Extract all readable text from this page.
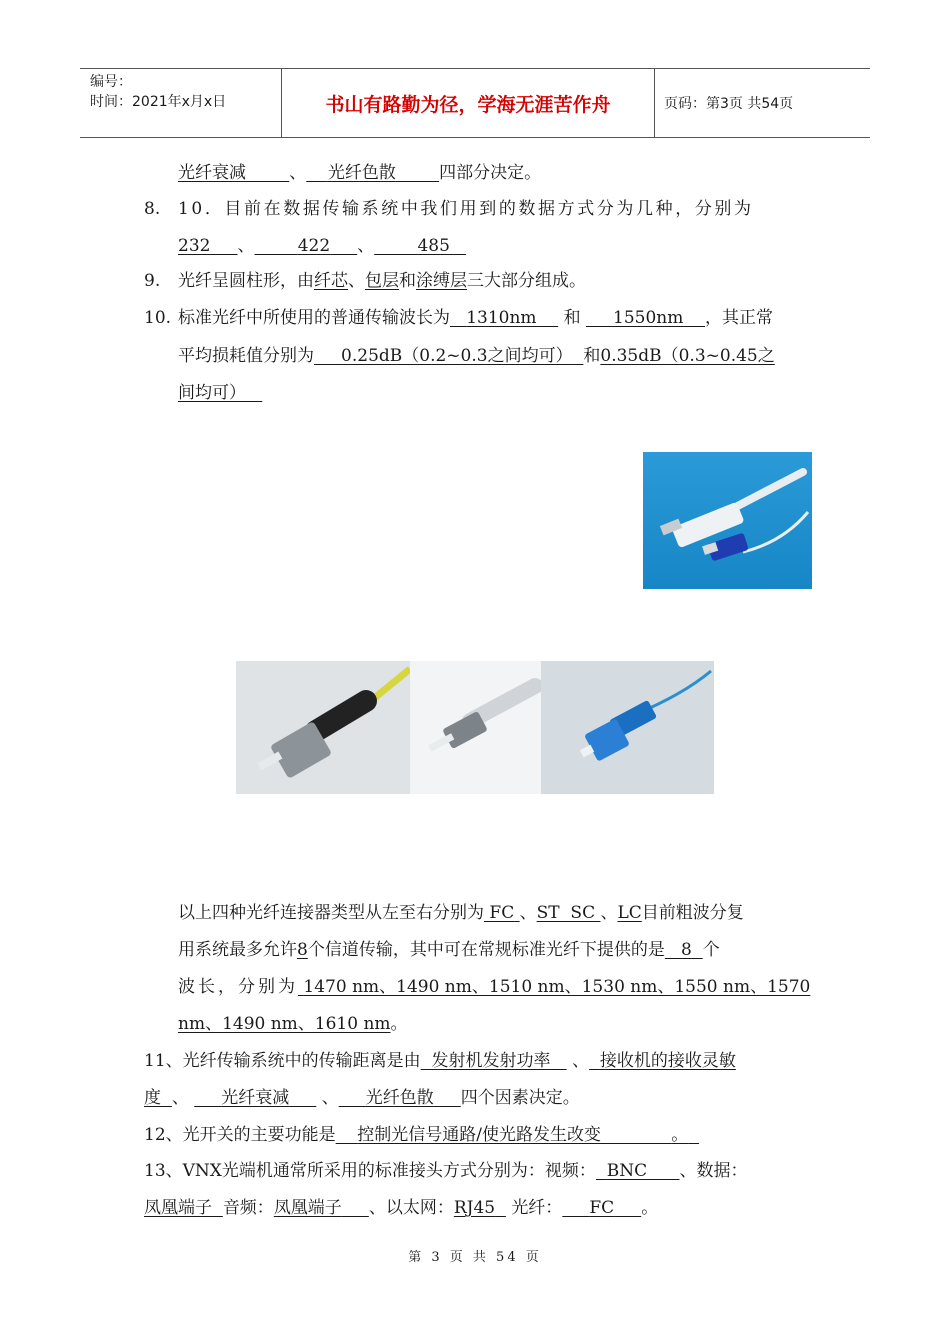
编号：
时间：2021年x月x日	书山有路勤为径，学海无涯苦作舟	页码：第3页 共54页
光纤衰减	、 光纤色散	四部分决定。
8. 10．目前在数据传输系统中我们用到的数据方式分为几种，分别为
232 、	422 、	485
9. 光纤呈圆柱形，由纤芯、包层和涂缚层三大部分组成。
10. 标准光纤中所使用的普通传输波长为 1310nm 和 1550nm ，其正常
平均损耗值分别为 0.25dB（0.2~0.3之间均可） 和0.35dB（0.3~0.45之
间均可）
以上四种光纤连接器类型从左至右分别为 FC 、ST  SC 、LC目前粗波分复
用系统最多允许8个信道传输，其中可在常规标准光纤下提供的是 8 个
波长，分别为 1470 nm、1490 nm、1510 nm、1530 nm、1550 nm、1570
nm、1490 nm、1610 nm。
11、光纤传输系统中的传输距离是由 发射机发射功率 、 接收机的接收灵敏
度 、 光纤衰减 、 光纤色散 四个因素决定。
12、光开关的主要功能是 控制光信号通路/使光路发生改变	。
13、VNX光端机通常所采用的标准接头方式分别为：视频： BNC 、数据：
凤凰端子 音频：凤凰端子 、以太网：RJ45 光纤： FC 。
第 3 页 共 54 页
